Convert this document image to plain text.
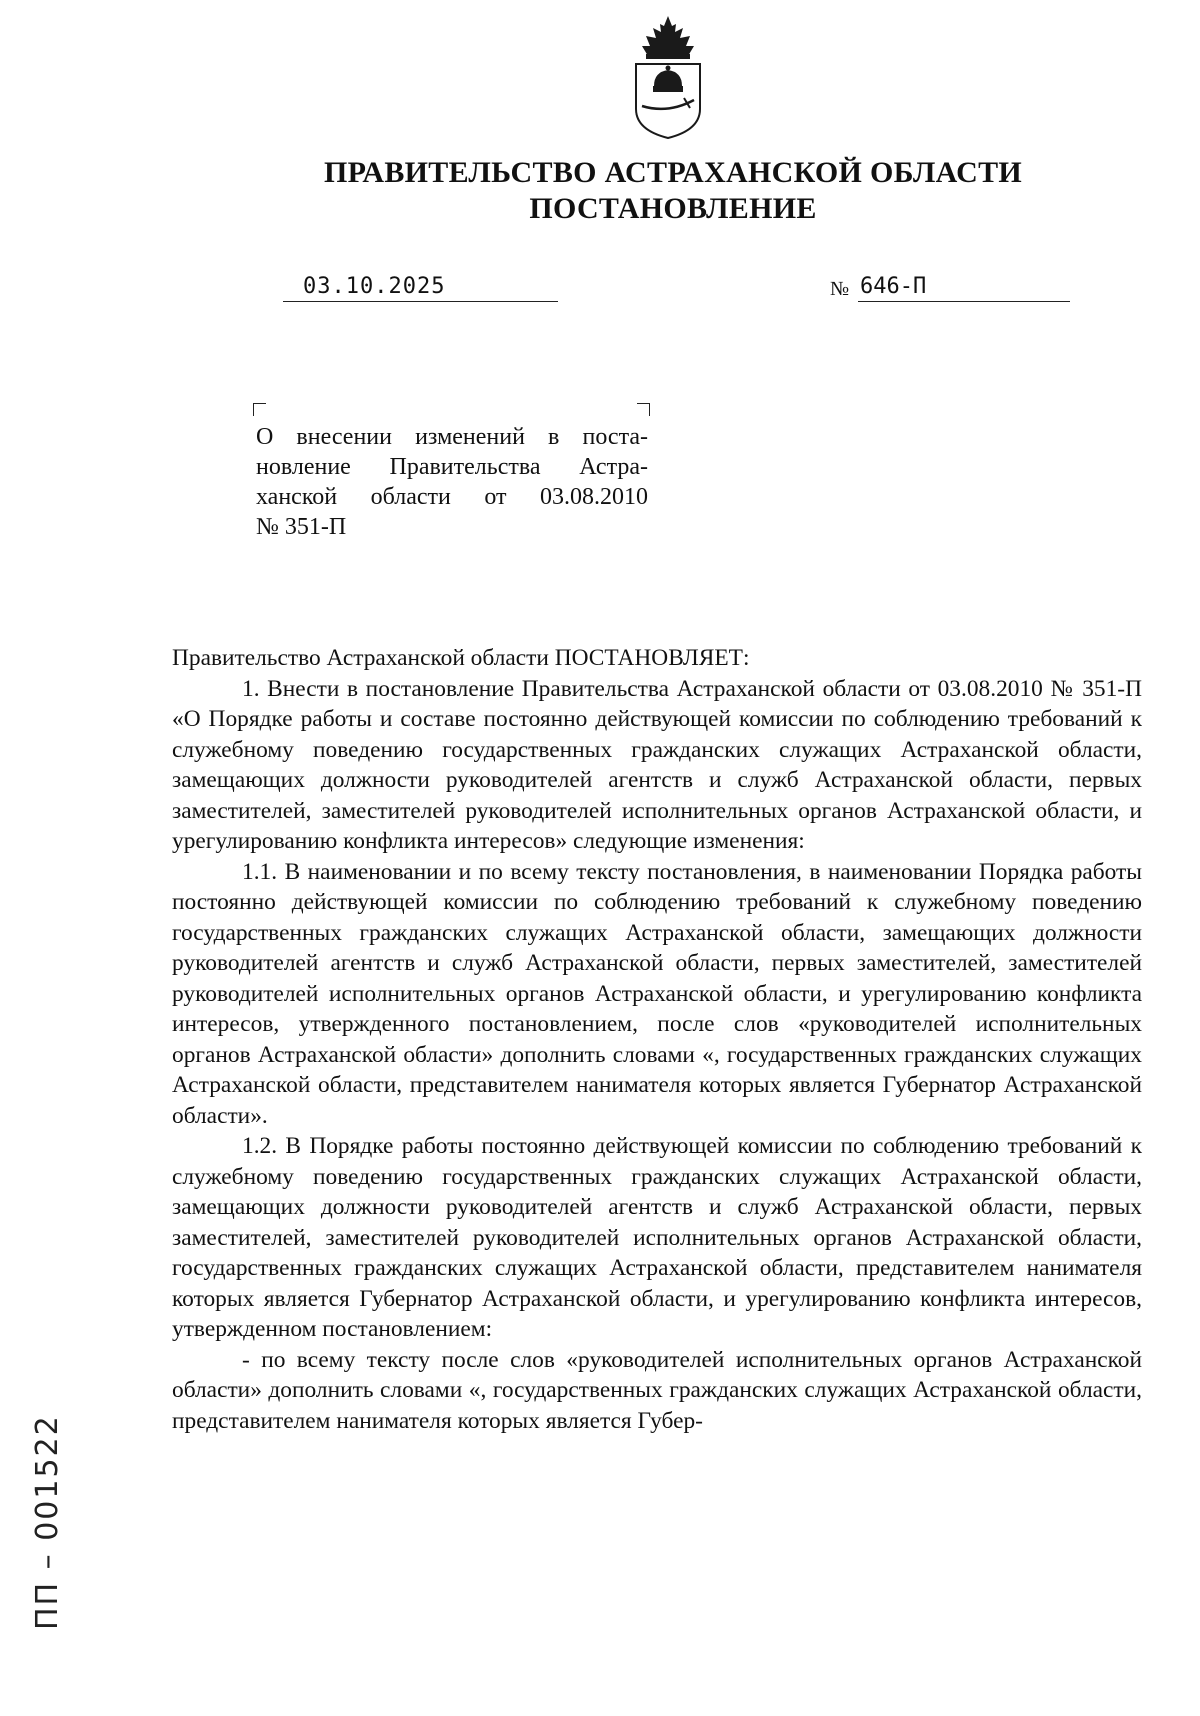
ПРАВИТЕЛЬСТВО АСТРАХАНСКОЙ ОБЛАСТИ
ПОСТАНОВЛЕНИЕ
03.10.2025	№ 646-П
О внесении изменений в поста-
новление Правительства Астра-
ханской области от 03.08.2010
№ 351-П

Правительство Астраханской области ПОСТАНОВЛЯЕТ:

1. Внести в постановление Правительства Астраханской области от 03.08.2010 № 351-П «О Порядке работы и составе постоянно действующей комиссии по соблюдению требований к служебному поведению государственных гражданских служащих Астраханской области, замещающих должности руководителей агентств и служб Астраханской области, первых заместителей, заместителей руководителей исполнительных органов Астраханской области, и урегулированию конфликта интересов» следующие изменения:

1.1. В наименовании и по всему тексту постановления, в наименовании Порядка работы постоянно действующей комиссии по соблюдению требований к служебному поведению государственных гражданских служащих Астраханской области, замещающих должности руководителей агентств и служб Астраханской области, первых заместителей, заместителей руководителей исполнительных органов Астраханской области, и урегулированию конфликта интересов, утвержденного постановлением, после слов «руководителей исполнительных органов Астраханской области» дополнить словами «, государственных гражданских служащих Астраханской области, представителем нанимателя которых является Губернатор Астраханской области».

1.2. В Порядке работы постоянно действующей комиссии по соблюдению требований к служебному поведению государственных гражданских служащих Астраханской области, замещающих должности руководителей агентств и служб Астраханской области, первых заместителей, заместителей руководителей исполнительных органов Астраханской области, государственных гражданских служащих Астраханской области, представителем нанимателя которых является Губернатор Астраханской области, и урегулированию конфликта интересов, утвержденном постановлением:

- по всему тексту после слов «руководителей исполнительных органов Астраханской области» дополнить словами «, государственных гражданских служащих Астраханской области, представителем нанимателя которых является Губер-

ПП – 001522
